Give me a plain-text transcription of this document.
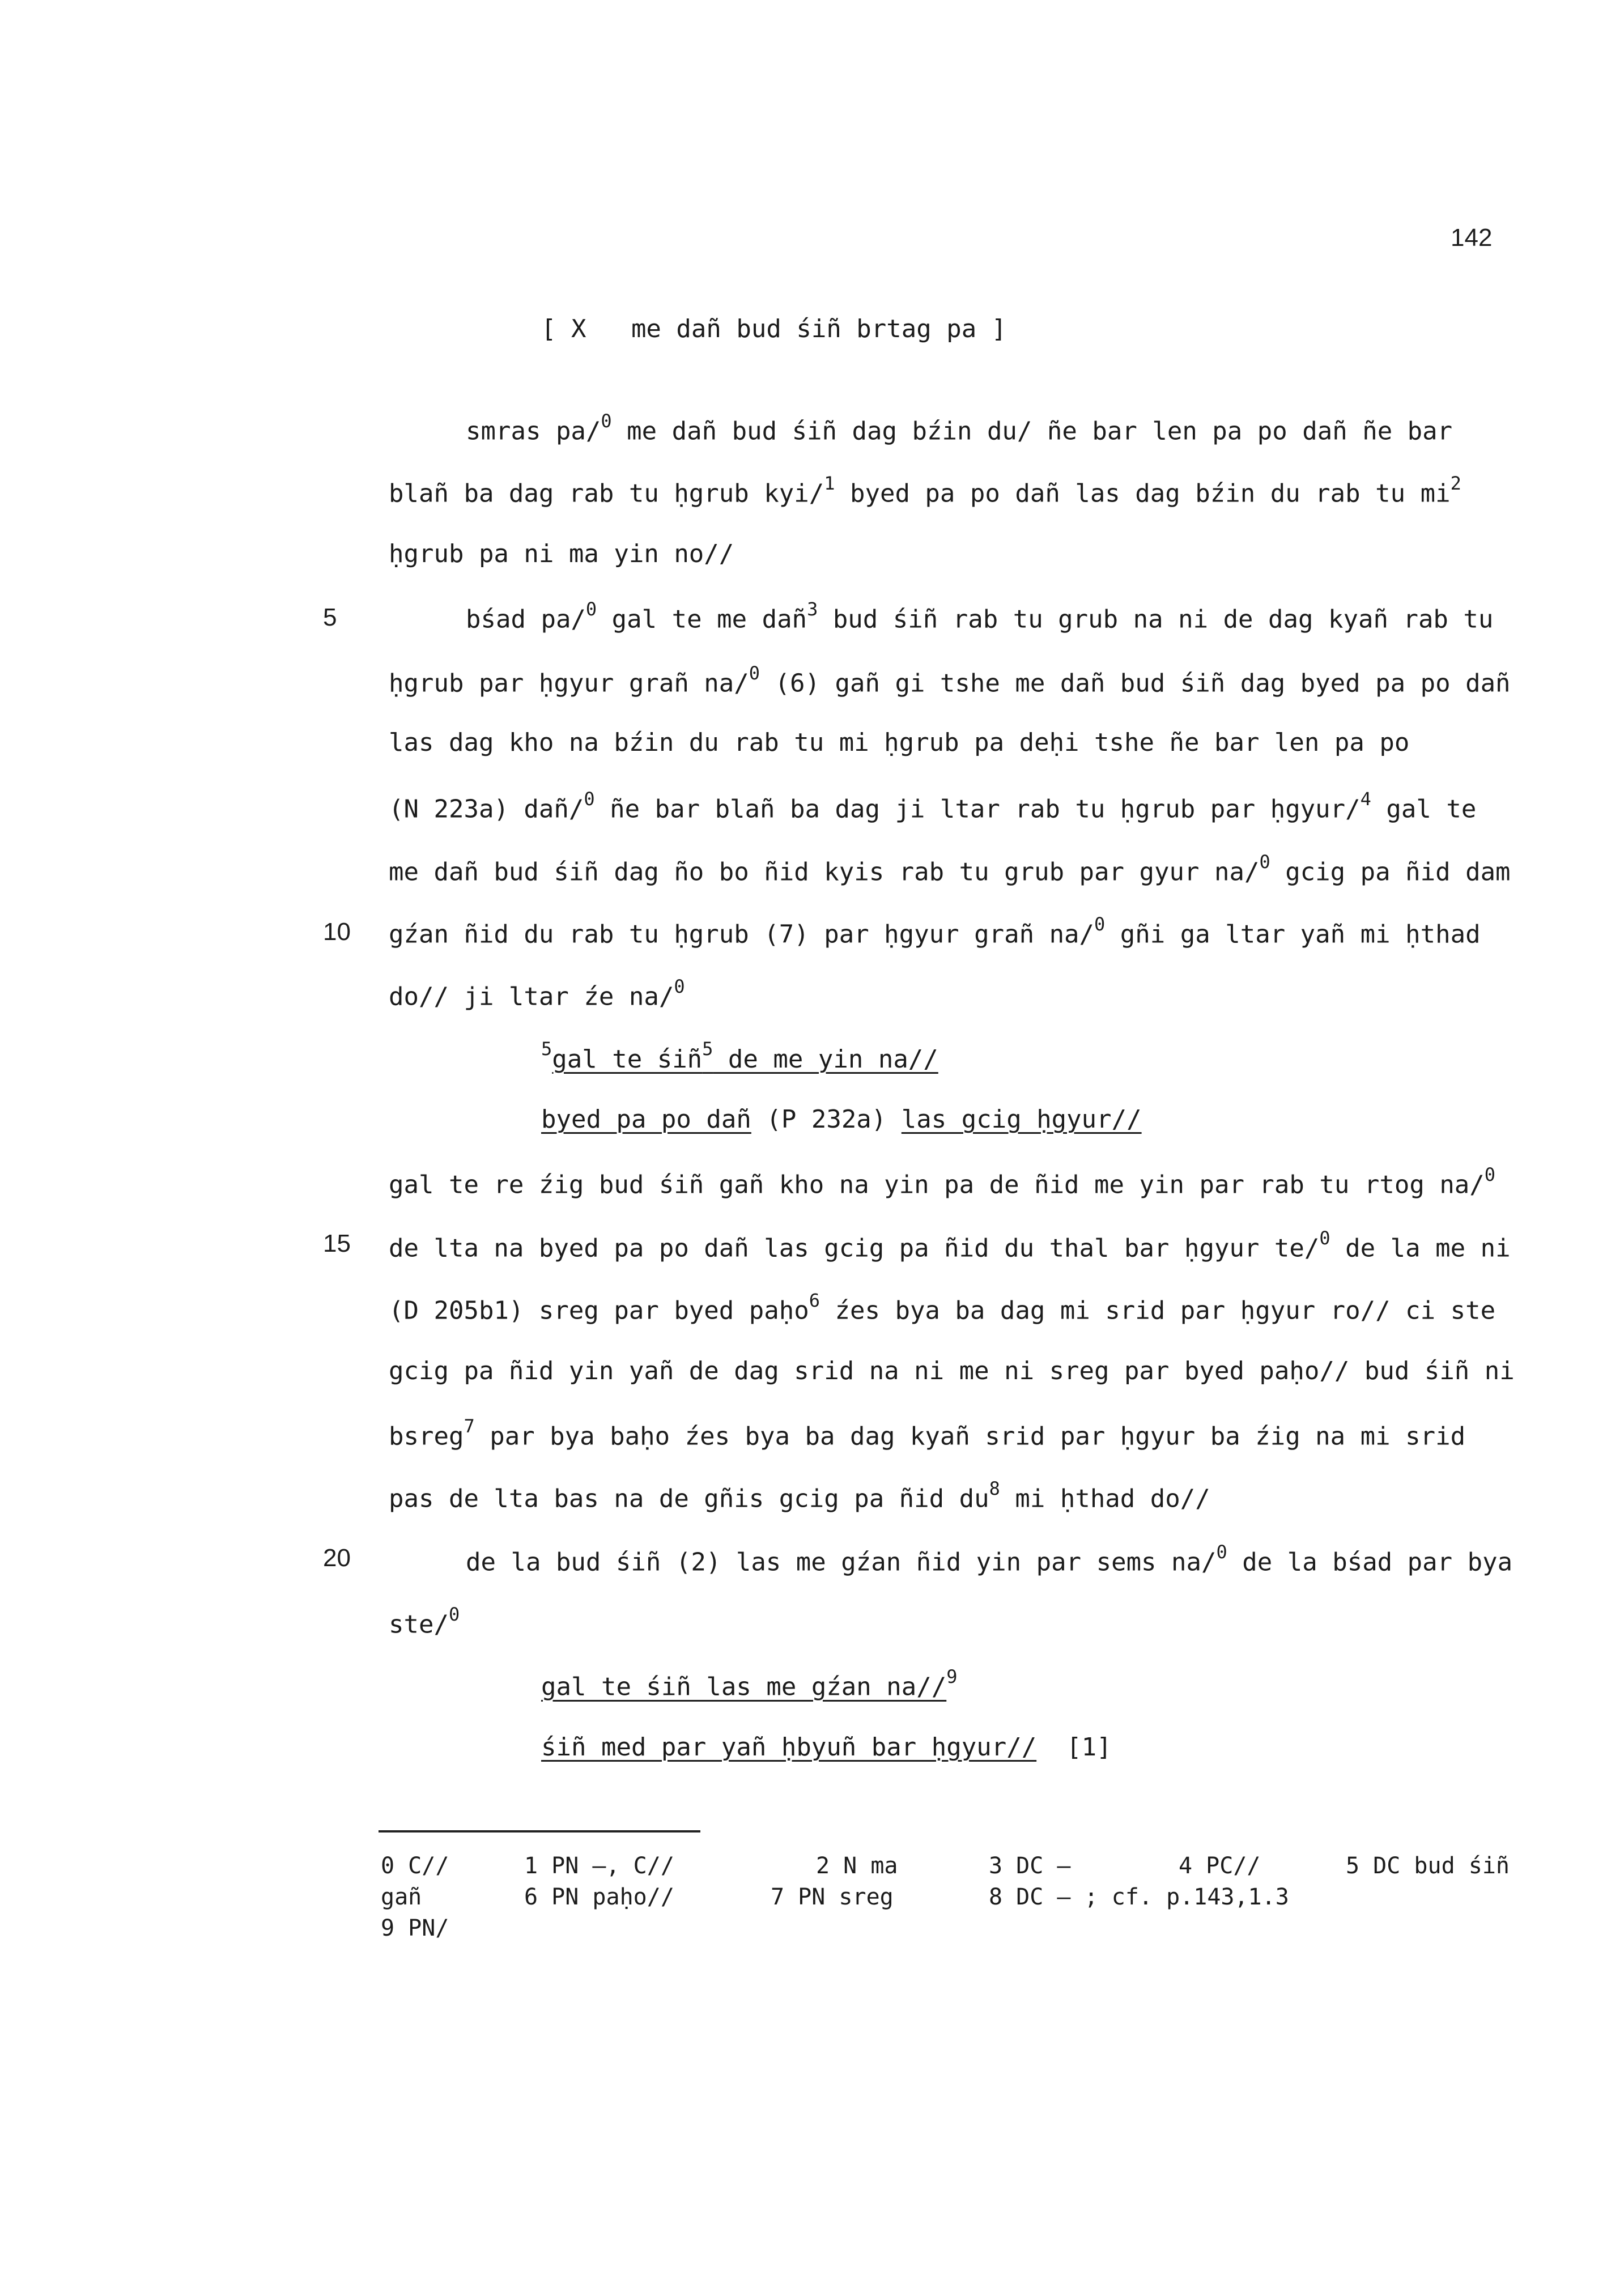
142
[ X   me dañ bud śiñ brtag pa ]
5
10
15
20
smras pa/$^0$ me dañ bud śiñ dag bźin du/ ñe bar len pa po dañ ñe bar
blañ ba dag rab tu ḥgrub kyi/$^1$ byed pa po dañ las dag bźin du rab tu $mi^2$
ḥgrub pa ni ma yin no//
bśad pa/$^0$ gal te me dañ$^3$ bud śiñ rab tu grub na ni de dag kyañ rab tu
ḥgrub par ḥgyur grañ na/$^0$ (6) gañ gi tshe me dañ bud śiñ dag byed pa po dañ
las dag kho na bźin du rab tu mi ḥgrub pa deḥi tshe ñe bar len pa po
(N 223a) dañ/$^0$ ñe bar blañ ba dag ji ltar rab tu ḥgrub par ḥgyur/$^4$ gal te
me dañ bud śiñ dag ño bo ñid kyis rab tu grub par gyur na/$^0$ gcig pa ñid dam
gźan ñid du rab tu ḥgrub (7) par ḥgyur grañ na/$^0$ gñi ga ltar yañ mi ḥthad
do// ji ltar źe na/$^0$
$^5$gal te śiñ$^5$ de me yin na//
byed pa po dañ (P 232a) las gcig ḥgyur//
gal te re źig bud śiñ gañ kho na yin pa de ñid me yin par rab tu rtog na/$^0$
de lta na byed pa po dañ las gcig pa ñid du thal bar ḥgyur te/$^0$ de la me ni
(D 205b1) sreg par byed paḥo$^6$ źes bya ba dag mi srid par ḥgyur ro// ci ste
gcig pa ñid yin yañ de dag srid na ni me ni sreg par byed paḥo// bud śiñ ni
bsreg$^7$ par bya baḥo źes bya ba dag kyañ srid par ḥgyur ba źig na mi srid
pas de lta bas na de gñis gcig pa ñid $du^8$ mi ḥthad do//
de la bud śiñ (2) las me gźan ñid yin par sems na/$^0$ de la bśad par bya
ste/$^0$
gal te śiñ las me gźan na//$^9$
śiñ med par yañ ḥbyuñ bar ḥgyur//  [1]
0 C//	1 PN —, C//	2 N ma	3 DC —	4 PC//	5 DC bud śiñ
gañ	6 PN paḥo//	7 PN sreg	8 DC — ; cf. p.143,1.3
9 PN/
